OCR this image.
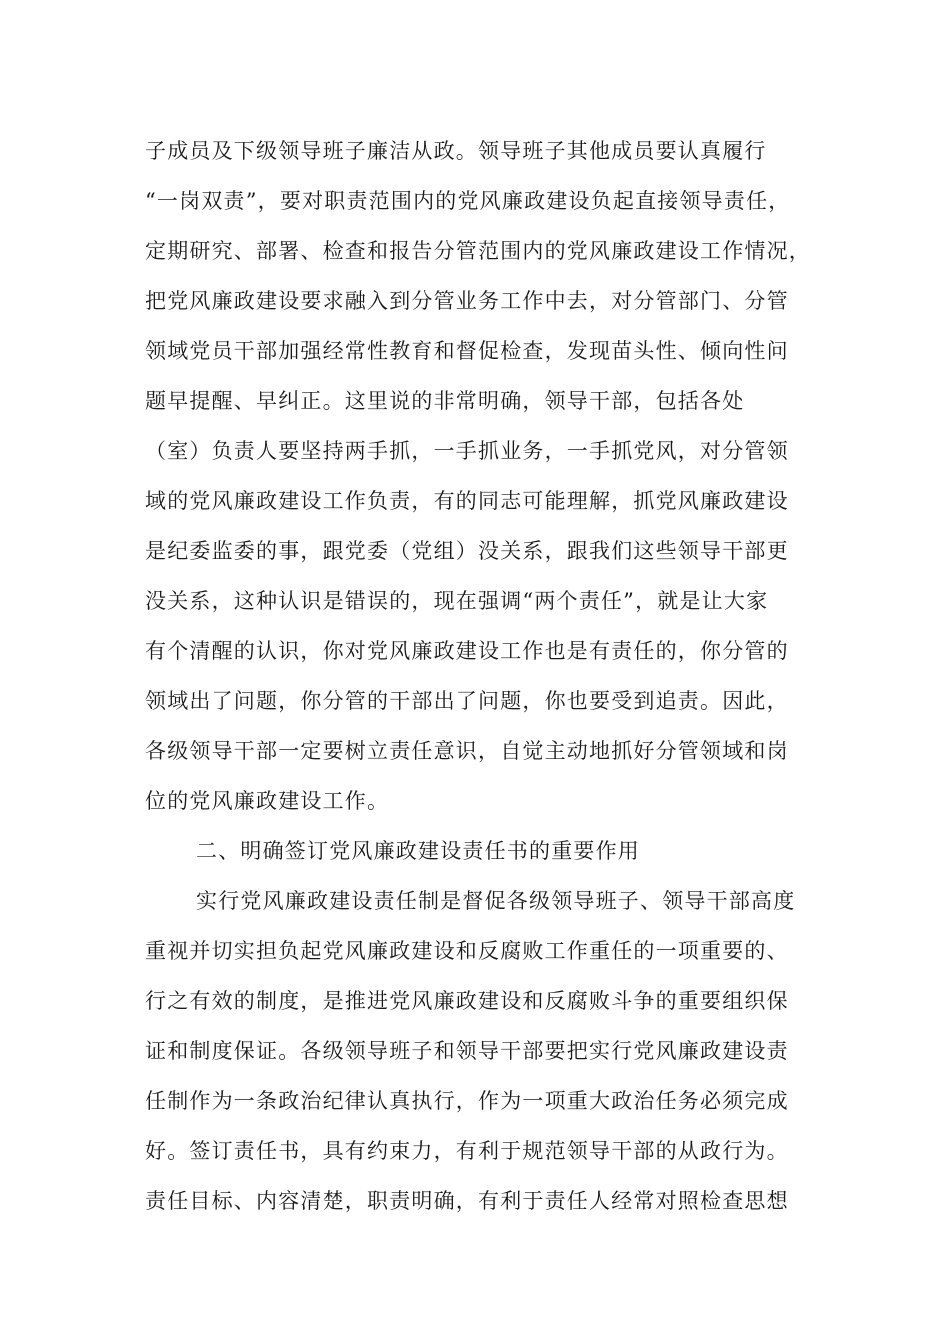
子成员及下级领导班子廉洁从政。领导班子其他成员要认真履行
“一岗双责”，要对职责范围内的党风廉政建设负起直接领导责任，
定期研究、部署、检查和报告分管范围内的党风廉政建设工作情况，
把党风廉政建设要求融入到分管业务工作中去，对分管部门、分管
领域党员干部加强经常性教育和督促检查，发现苗头性、倾向性问
题早提醒、早纠正。这里说的非常明确，领导干部，包括各处
（室）负责人要坚持两手抓，一手抓业务，一手抓党风，对分管领
域的党风廉政建设工作负责，有的同志可能理解，抓党风廉政建设
是纪委监委的事，跟党委（党组）没关系，跟我们这些领导干部更
没关系，这种认识是错误的，现在强调“两个责任”，就是让大家
有个清醒的认识，你对党风廉政建设工作也是有责任的，你分管的
领域出了问题，你分管的干部出了问题，你也要受到追责。因此，
各级领导干部一定要树立责任意识，自觉主动地抓好分管领域和岗
位的党风廉政建设工作。
二、明确签订党风廉政建设责任书的重要作用
实行党风廉政建设责任制是督促各级领导班子、领导干部高度
重视并切实担负起党风廉政建设和反腐败工作重任的一项重要的、
行之有效的制度，是推进党风廉政建设和反腐败斗争的重要组织保
证和制度保证。各级领导班子和领导干部要把实行党风廉政建设责
任制作为一条政治纪律认真执行，作为一项重大政治任务必须完成
好。签订责任书，具有约束力，有利于规范领导干部的从政行为。
责任目标、内容清楚，职责明确，有利于责任人经常对照检查思想
